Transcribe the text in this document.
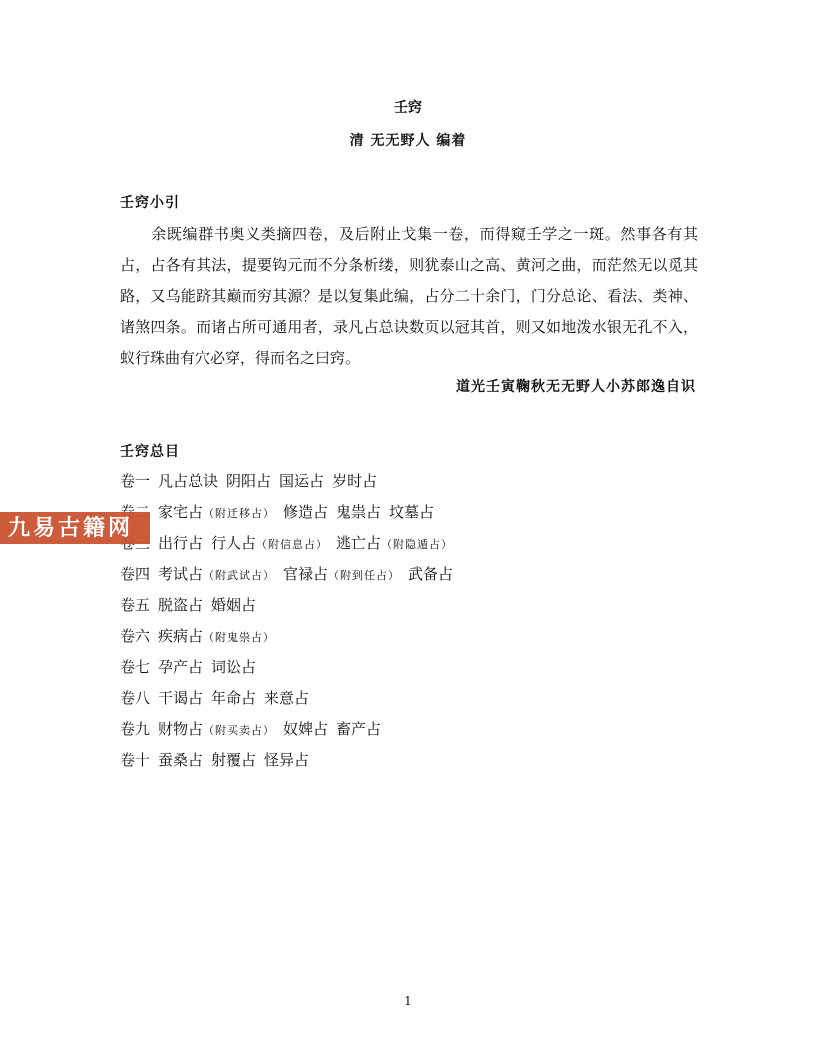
壬窍
清 无无野人 编着
壬窍小引

　　余既编群书奥义类摘四卷，及后附止戈集一卷，而得窥壬学之一斑。然事各有其占，占各有其法，提要钩元而不分条析缕，则犹泰山之高、黄河之曲，而茫然无以觅其路，又乌能跻其巅而穷其源？是以复集此编，占分二十余门，门分总论、看法、类神、诸煞四条。而诸占所可通用者，录凡占总诀数页以冠其首，则又如地泼水银无孔不入，蚁行珠曲有穴必穿，得而名之曰窍。

道光壬寅鞠秋无无野人小苏郎逸自识
壬窍总目
卷一 凡占总诀 阴阳占 国运占 岁时占
家宅占（附迁移占） 修造占 鬼祟占 坟墓占
出行占 行人占（附信息占） 逃亡占（附隐遁占）
卷四 考试占（附武试占） 官禄占（附到任占） 武备占
卷五 脱盗占 婚姻占
卷六 疾病占（附鬼祟占）
卷七 孕产占 词讼占
卷八 干谒占 年命占 来意占
卷九 财物占（附买卖占） 奴婢占 畜产占
卷十 蚕桑占 射覆占 怪异占
1
九易古籍网
